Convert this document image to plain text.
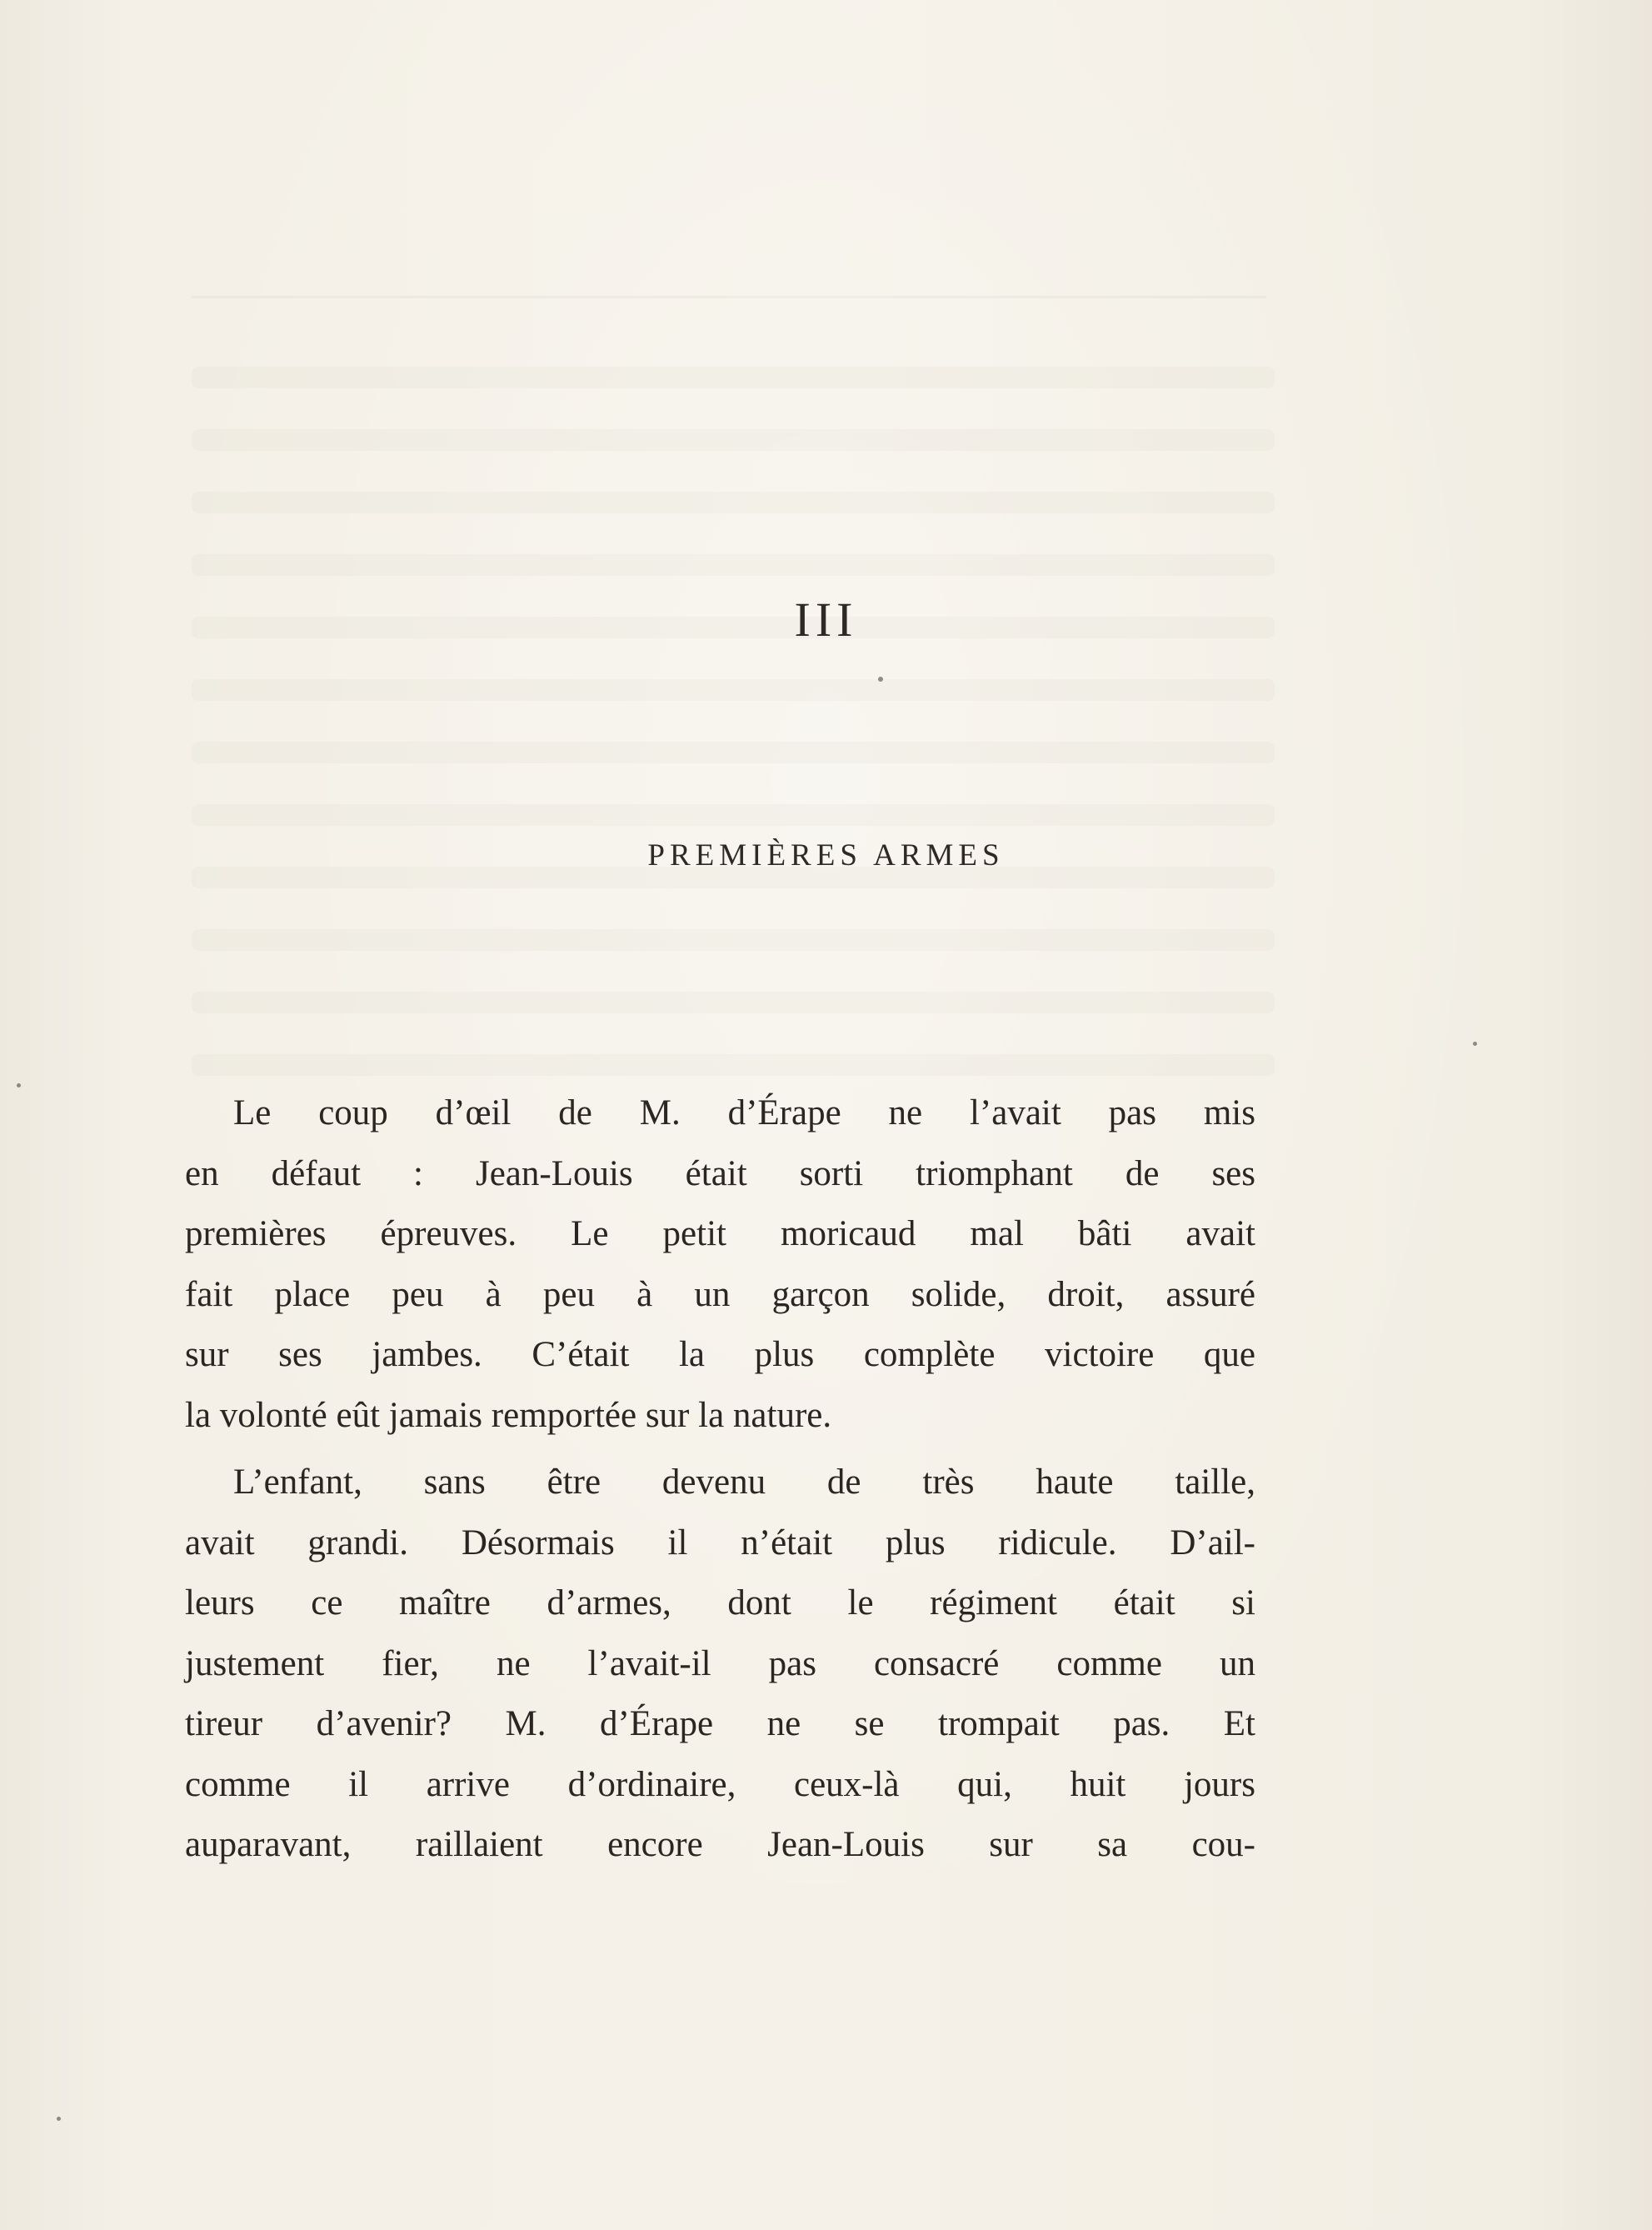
III
PREMIÈRES ARMES
Le coup d’œil de M. d’Érape ne l’avait pas mis
en défaut : Jean-Louis était sorti triomphant de ses
premières épreuves. Le petit moricaud mal bâti avait
fait place peu à peu à un garçon solide, droit, assuré
sur ses jambes. C’était la plus complète victoire que
la volonté eût jamais remportée sur la nature.
L’enfant, sans être devenu de très haute taille,
avait grandi. Désormais il n’était plus ridicule. D’ail-
leurs ce maître d’armes, dont le régiment était si
justement fier, ne l’avait-il pas consacré comme un
tireur d’avenir? M. d’Érape ne se trompait pas. Et
comme il arrive d’ordinaire, ceux-là qui, huit jours
auparavant, raillaient encore Jean-Louis sur sa cou-
